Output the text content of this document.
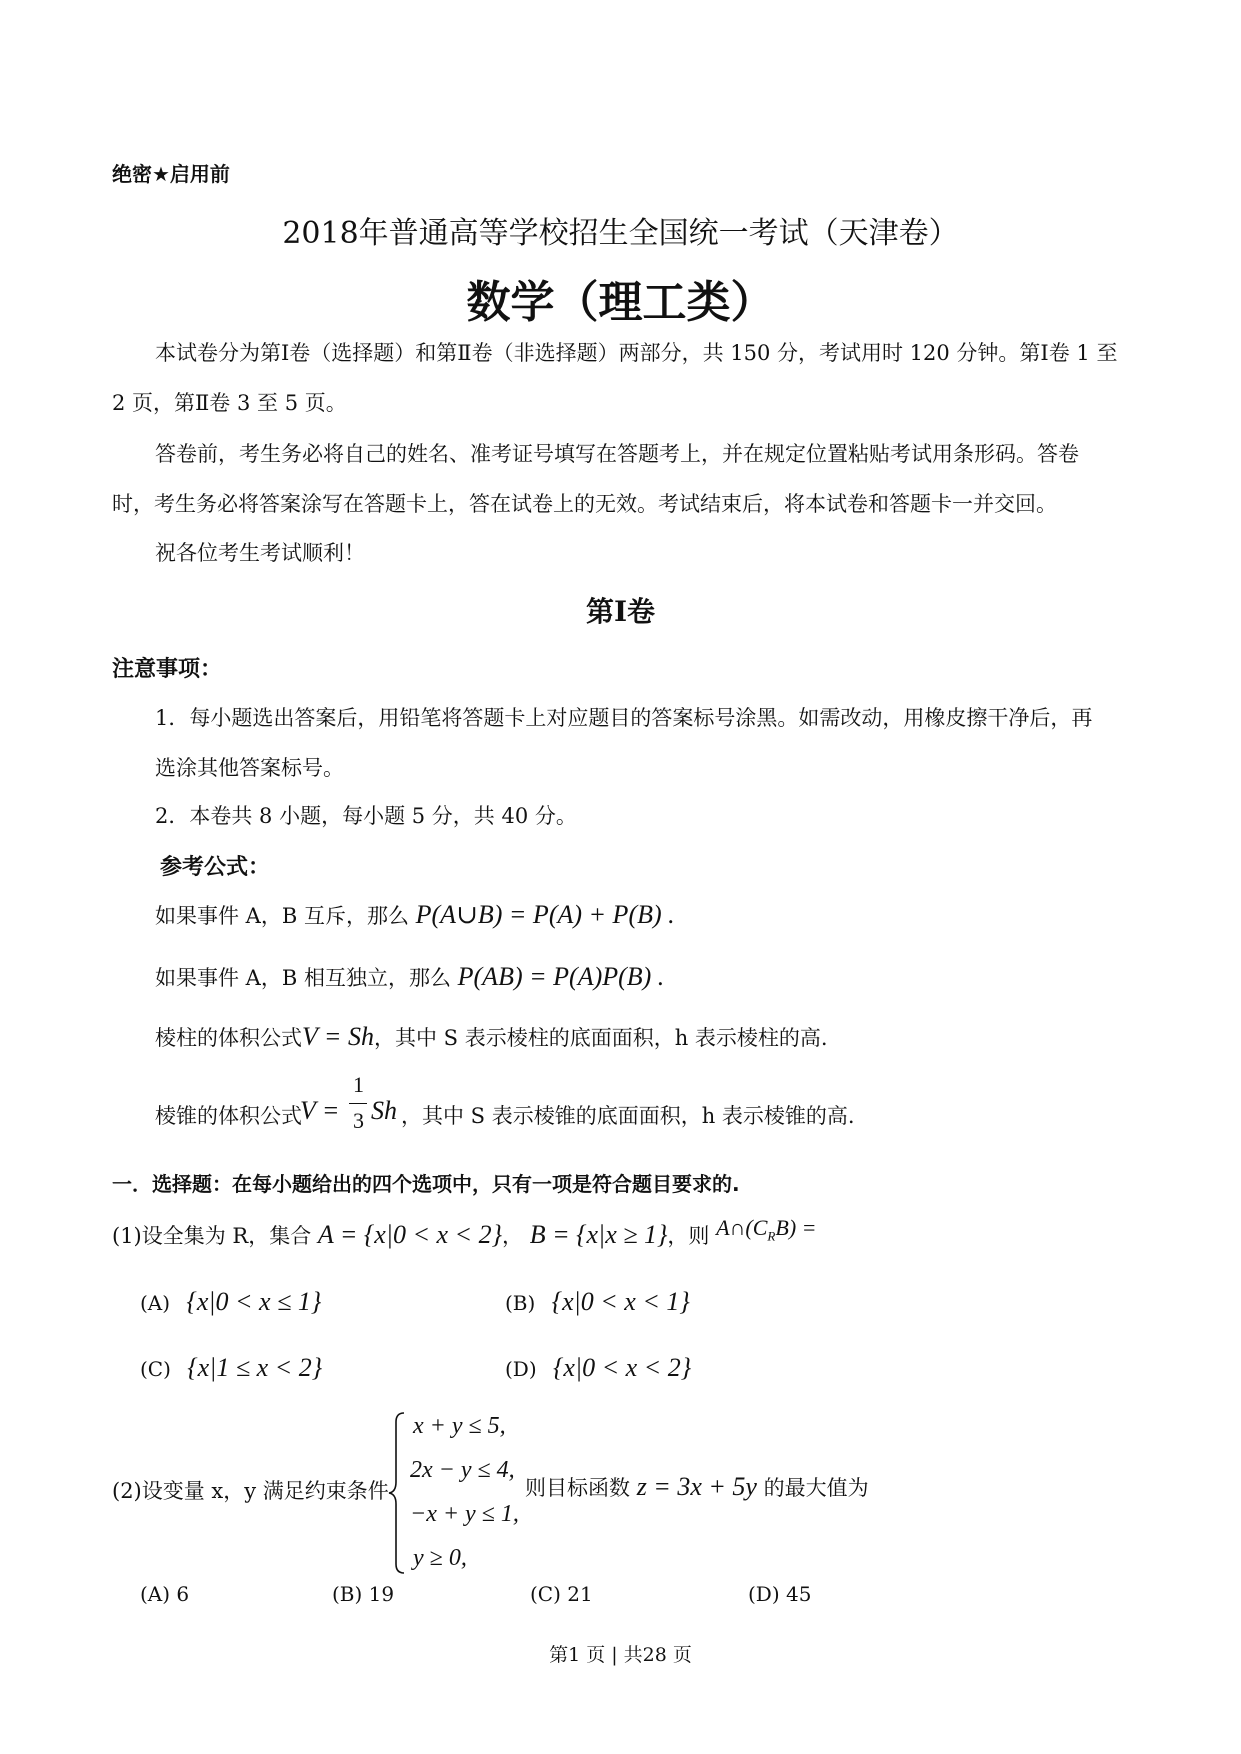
绝密★启用前
2018年普通高等学校招生全国统一考试（天津卷）
数学（理工类）
本试卷分为第Ⅰ卷（选择题）和第Ⅱ卷（非选择题）两部分，共 150 分，考试用时 120 分钟。第Ⅰ卷 1 至
2 页，第Ⅱ卷 3 至 5 页。
答卷前，考生务必将自己的姓名、准考证号填写在答题考上，并在规定位置粘贴考试用条形码。答卷
时，考生务必将答案涂写在答题卡上，答在试卷上的无效。考试结束后，将本试卷和答题卡一并交回。
祝各位考生考试顺利！
第Ⅰ卷
注意事项：
1．每小题选出答案后，用铅笔将答题卡上对应题目的答案标号涂黑。如需改动，用橡皮擦干净后，再
选涂其他答案标号。
2．本卷共 8 小题，每小题 5 分，共 40 分。
参考公式：
如果事件 A，B 互斥，那么 P(A∪B) = P(A) + P(B) .
如果事件 A，B 相互独立，那么 P(AB) = P(A)P(B) .
棱柱的体积公式V = Sh，其中 S 表示棱柱的底面面积，h 表示棱柱的高.
棱锥的体积公式
V =
1
3 Sh ，其中 S 表示棱锥的底面面积，h 表示棱锥的高.
一．选择题：在每小题给出的四个选项中，只有一项是符合题目要求的.
(1)设全集为 R，集合 A = {x|0 < x < 2}， B = {x|x ≥ 1}，则 $A\cap(C_RB)$ =
(A) {x|0 < x ≤ 1}	(B) {x|0 < x < 1}
(C) {x|1 ≤ x < 2}	(D) {x|0 < x < 2}
(2)设变量 x，y 满足约束条件
x + y ≤ 5,
2x − y ≤ 4,
−x + y ≤ 1,
y ≥ 0,
则目标函数 z = 3x + 5y 的最大值为
(A) 6	(B) 19	(C) 21	(D) 45
第1 页 | 共28 页
